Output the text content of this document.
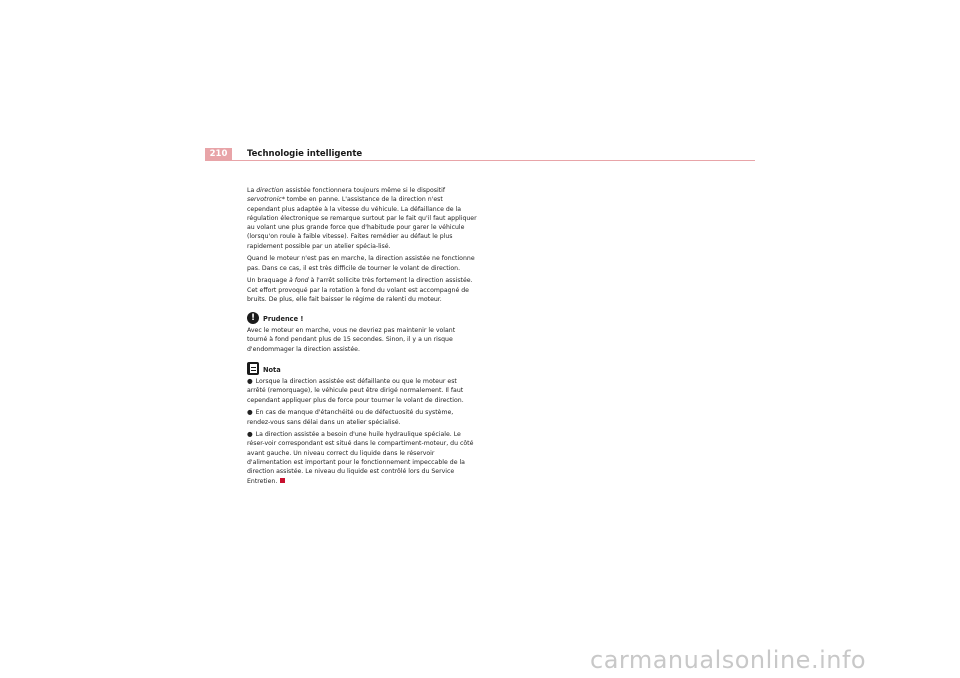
210	Technologie intelligente

La direction assistée fonctionnera toujours même si le dispositif servotronic* tombe en panne. L'assistance de la direction n'est cependant plus adaptée à la vitesse du véhicule. La défaillance de la régulation électronique se remarque surtout par le fait qu'il faut appliquer au volant une plus grande force que d'habitude pour garer le véhicule (lorsqu'on roule à faible vitesse). Faites remédier au défaut le plus rapidement possible par un atelier spécia-lisé.

Quand le moteur n'est pas en marche, la direction assistée ne fonctionne pas. Dans ce cas, il est très difficile de tourner le volant de direction.

Un braquage à fond à l'arrêt sollicite très fortement la direction assistée. Cet effort provoqué par la rotation à fond du volant est accompagné de bruits. De plus, elle fait baisser le régime de ralenti du moteur.

!	Prudence !

Avec le moteur en marche, vous ne devriez pas maintenir le volant tourné à fond pendant plus de 15 secondes. Sinon, il y a un risque d'endommager la direction assistée.

Nota

● Lorsque la direction assistée est défaillante ou que le moteur est arrêté (remorquage), le véhicule peut être dirigé normalement. Il faut cependant appliquer plus de force pour tourner le volant de direction.

● En cas de manque d'étanchéité ou de défectuosité du système, rendez-vous sans délai dans un atelier spécialisé.

● La direction assistée a besoin d'une huile hydraulique spéciale. Le réser-voir correspondant est situé dans le compartiment-moteur, du côté avant gauche. Un niveau correct du liquide dans le réservoir d'alimentation est important pour le fonctionnement impeccable de la direction assistée. Le niveau du liquide est contrôlé lors du Service Entretien.

carmanualsonline.info
